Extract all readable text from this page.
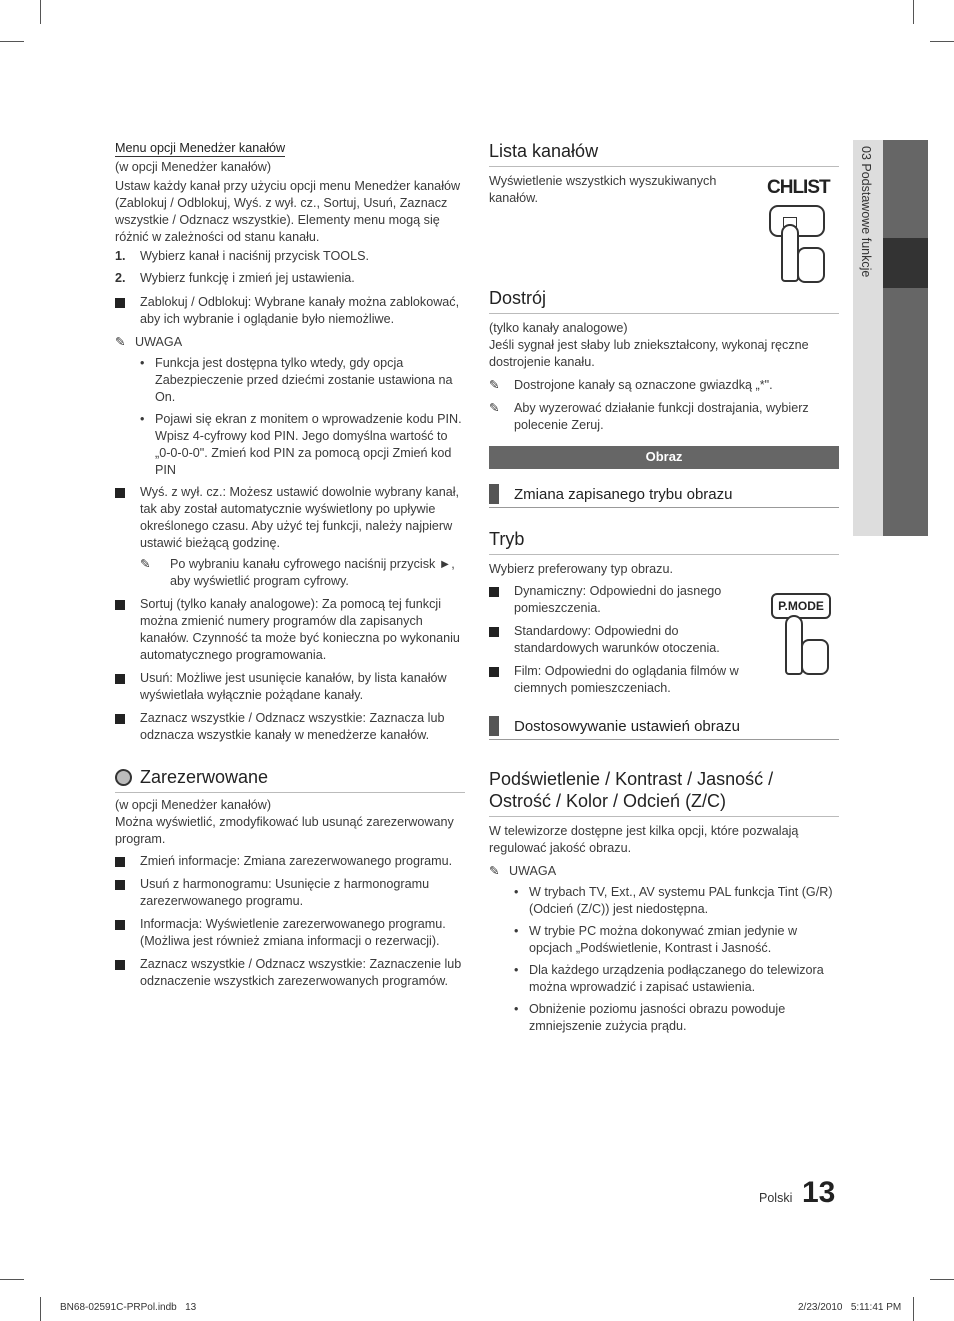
03 Podstawowe funkcje
Menu opcji Menedżer kanałów
(w opcji Menedżer kanałów)
Ustaw każdy kanał przy użyciu opcji menu Menedżer kanałów (Zablokuj / Odblokuj, Wyś. z wył. cz., Sortuj, Usuń, Zaznacz wszystkie / Odznacz wszystkie). Elementy menu mogą się różnić w zależności od stanu kanału.
1. Wybierz kanał i naciśnij przycisk TOOLS.
2. Wybierz funkcję i zmień jej ustawienia.
Zablokuj / Odblokuj: Wybrane kanały można zablokować, aby ich wybranie i oglądanie było niemożliwe.
✎ UWAGA
• Funkcja jest dostępna tylko wtedy, gdy opcja Zabezpieczenie przed dziećmi zostanie ustawiona na On.
• Pojawi się ekran z monitem o wprowadzenie kodu PIN. Wpisz 4-cyfrowy kod PIN. Jego domyślna wartość to „0-0-0-0". Zmień kod PIN za pomocą opcji Zmień kod PIN
Wyś. z wył. cz.: Możesz ustawić dowolnie wybrany kanał, tak aby został automatycznie wyświetlony po upływie określonego czasu. Aby użyć tej funkcji, należy najpierw ustawić bieżącą godzinę.
✎ Po wybraniu kanału cyfrowego naciśnij przycisk ►, aby wyświetlić program cyfrowy.
Sortuj (tylko kanały analogowe): Za pomocą tej funkcji można zmienić numery programów dla zapisanych kanałów. Czynność ta może być konieczna po wykonaniu automatycznego programowania.
Usuń: Możliwe jest usunięcie kanałów, by lista kanałów wyświetlała wyłącznie pożądane kanały.
Zaznacz wszystkie / Odznacz wszystkie: Zaznacza lub odznacza wszystkie kanały w menedżerze kanałów.
Zarezerwowane
(w opcji Menedżer kanałów)
Można wyświetlić, zmodyfikować lub usunąć zarezerwowany program.
Zmień informacje: Zmiana zarezerwowanego programu.
Usuń z harmonogramu: Usunięcie z harmonogramu zarezerwowanego programu.
Informacja: Wyświetlenie zarezerwowanego programu. (Możliwa jest również zmiana informacji o rezerwacji).
Zaznacz wszystkie / Odznacz wszystkie: Zaznaczenie lub odznaczenie wszystkich zarezerwowanych programów.
Lista kanałów
Wyświetlenie wszystkich wyszukiwanych kanałów.	CHLIST
Dostrój
(tylko kanały analogowe)
Jeśli sygnał jest słaby lub zniekształcony, wykonaj ręczne dostrojenie kanału.
✎ Dostrojone kanały są oznaczone gwiazdką „*".
✎ Aby wyzerować działanie funkcji dostrajania, wybierz polecenie Zeruj.
Obraz
Zmiana zapisanego trybu obrazu
Tryb
Wybierz preferowany typ obrazu.
Dynamiczny: Odpowiedni do jasnego pomieszczenia.
Standardowy: Odpowiedni do standardowych warunków otoczenia.
Film: Odpowiedni do oglądania filmów w ciemnych pomieszczeniach.
P.MODE
Dostosowywanie ustawień obrazu
Podświetlenie / Kontrast / Jasność / Ostrość / Kolor / Odcień (Z/C)
W telewizorze dostępne jest kilka opcji, które pozwalają regulować jakość obrazu.
✎ UWAGA
• W trybach TV, Ext., AV systemu PAL funkcja Tint (G/R) (Odcień (Z/C)) jest niedostępna.
• W trybie PC można dokonywać zmian jedynie w opcjach „Podświetlenie, Kontrast i Jasność.
• Dla każdego urządzenia podłączanego do telewizora można wprowadzić i zapisać ustawienia.
• Obniżenie poziomu jasności obrazu powoduje zmniejszenie zużycia prądu.
Polski 13
BN68-02591C-PRPol.indb   13	2/23/2010   5:11:41 PM
